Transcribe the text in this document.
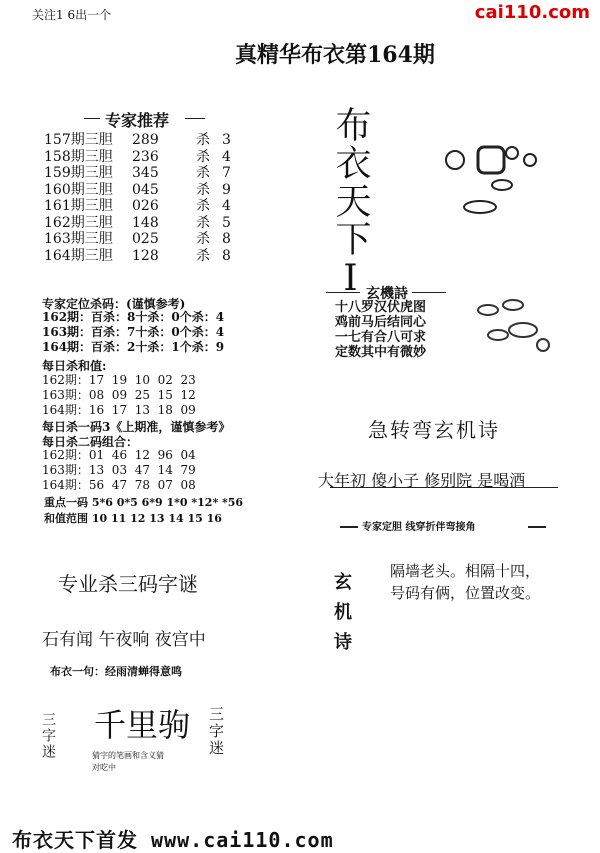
关注1 6出一个	cai110.com
真精华布衣第164期
专家推荐
157期三胆	289	杀 3
158期三胆	236	杀 4
159期三胆	345	杀 7
160期三胆	045	杀 9
161期三胆	026	杀 4
162期三胆	148	杀 5
163期三胆	025	杀 8
164期三胆	128	杀 8	布衣天下I
专家定位杀码：(谨慎参考)
162期：百杀：8十杀：0个杀：4
163期：百杀：7十杀：0个杀：4
164期：百杀：2十杀：1个杀：9
每日杀和值:
162期：17  19  10  02  23
163期：08  09  25  15  12
164期：16  17  13  18  09
每日杀一码3《上期准，谨慎参考》
每日杀二码组合：
162期：01  46  12  96  04
163期：13  03  47  14  79
164期：56  47  78  07  08
重点一码 5*6 0*5 6*9 1*0 *12* *56
和值范围 10 11 12 13 14 15 16
玄機詩
十八罗汉伏虎图
鸡前马后结同心
一七有合八可求
定数其中有微妙
急转弯玄机诗
大年初 傻小子 修别院 是喝酒
专家定胆 线穿折伴弯接角
玄机诗
隔墙老头。相隔十四，
号码有俩，位置改变。
专业杀三码字谜
石有闻 午夜响 夜宫中
布衣一句：经雨清蝉得意鸣
三字迷	千里驹
猜字的笔画和含义猜
对吃中
三字迷
布衣天下首发 www.cai110.com
